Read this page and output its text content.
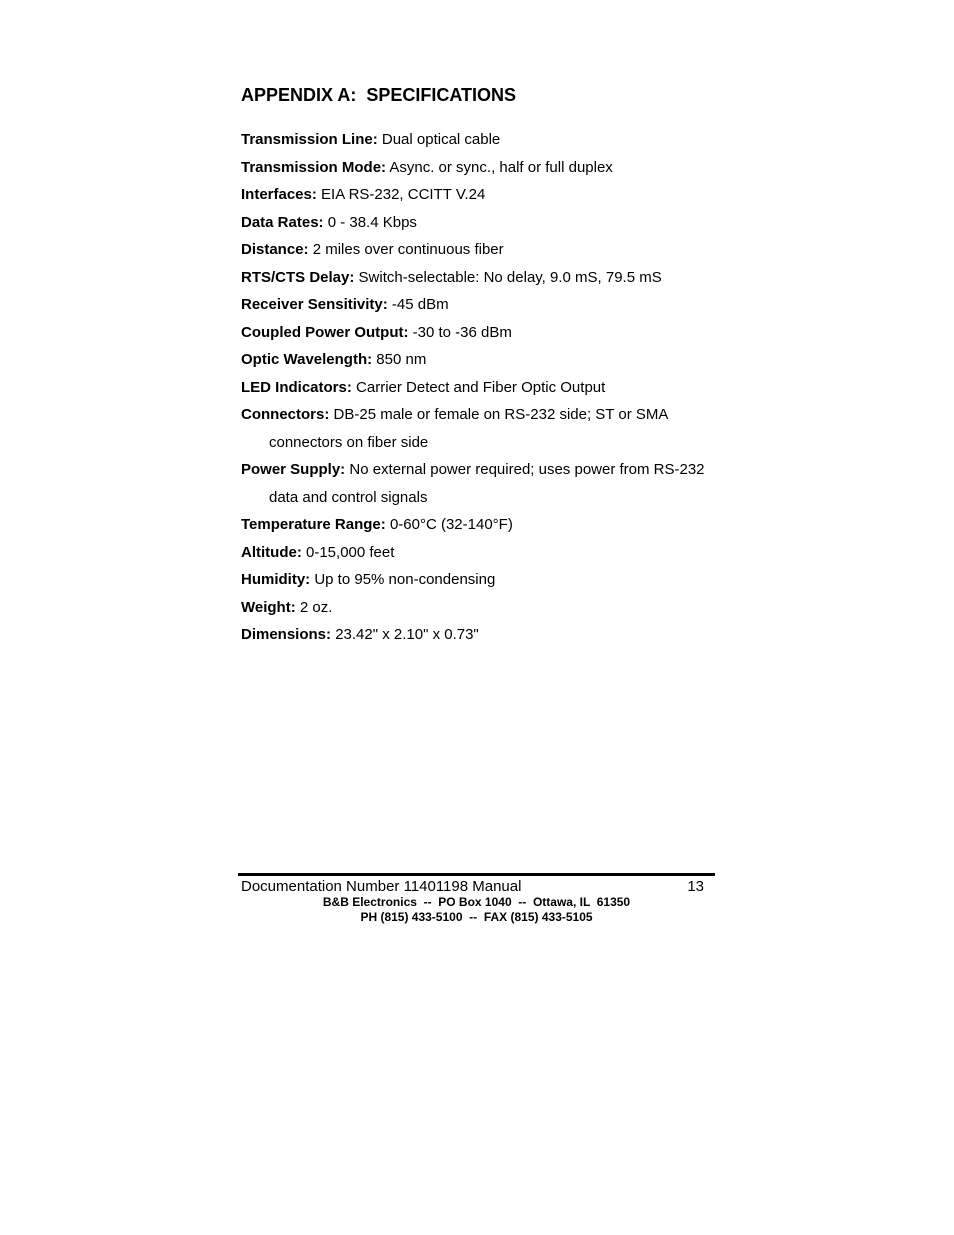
APPENDIX A:  SPECIFICATIONS
Transmission Line: Dual optical cable
Transmission Mode: Async. or sync., half or full duplex
Interfaces: EIA RS-232, CCITT V.24
Data Rates: 0 - 38.4 Kbps
Distance: 2 miles over continuous fiber
RTS/CTS Delay: Switch-selectable: No delay, 9.0 mS, 79.5 mS
Receiver Sensitivity: -45 dBm
Coupled Power Output: -30 to -36 dBm
Optic Wavelength: 850 nm
LED Indicators: Carrier Detect and Fiber Optic Output
Connectors: DB-25 male or female on RS-232 side; ST or SMA connectors on fiber side
Power Supply: No external power required; uses power from RS-232 data and control signals
Temperature Range: 0-60°C (32-140°F)
Altitude: 0-15,000 feet
Humidity: Up to 95% non-condensing
Weight: 2 oz.
Dimensions: 23.42" x 2.10" x 0.73"
Documentation Number 11401198 Manual	13
B&B Electronics  --  PO Box 1040  --  Ottawa, IL  61350
PH (815) 433-5100  --  FAX (815) 433-5105
